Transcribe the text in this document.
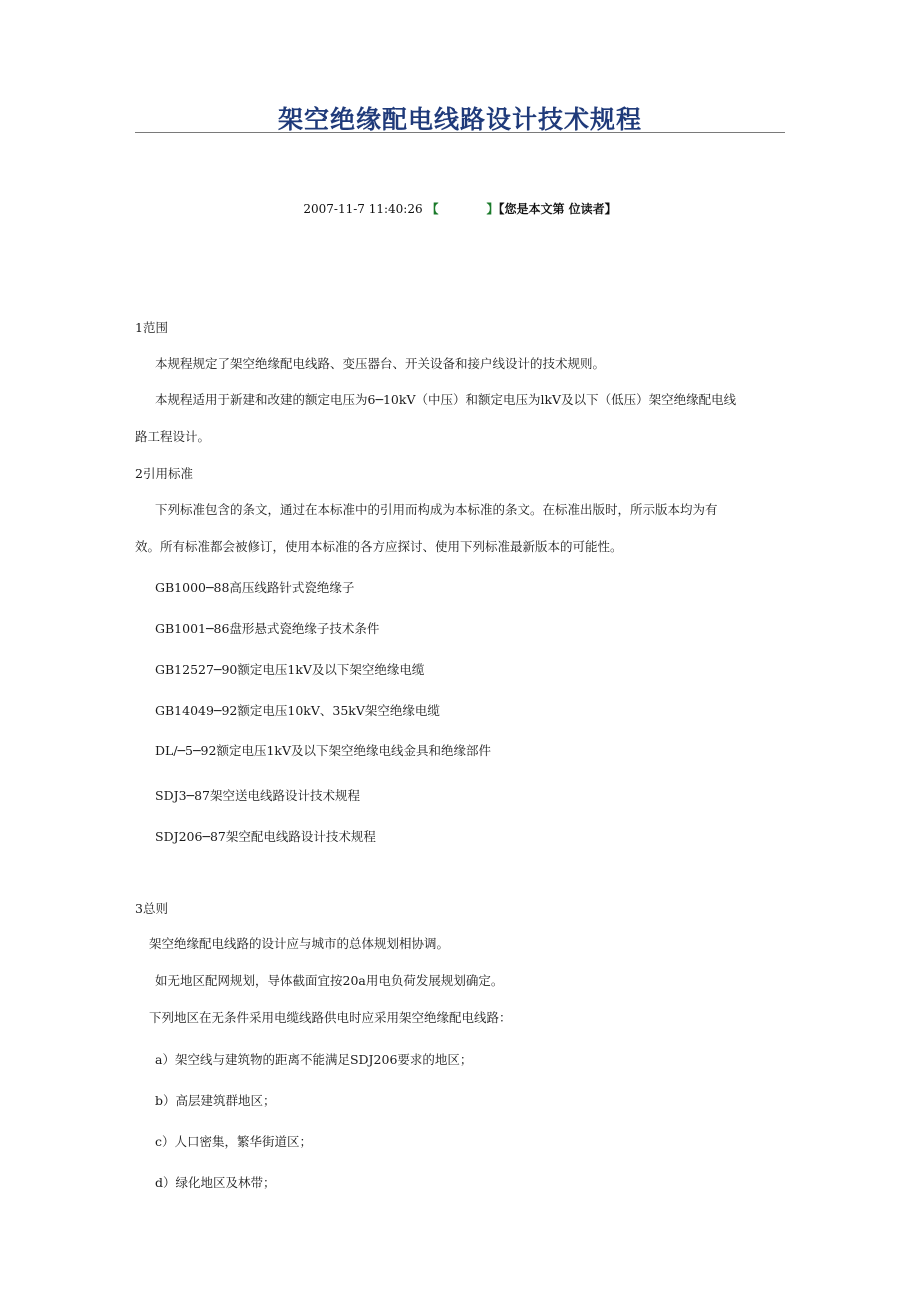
架空绝缘配电线路设计技术规程
2007-11-7 11:40:26 【	】【您是本文第 位读者】
1范围
本规程规定了架空绝缘配电线路、变压器台、开关设备和接户线设计的技术规则。
本规程适用于新建和改建的额定电压为6─10kV（中压）和额定电压为lkV及以下（低压）架空绝缘配电线
路工程设计。
2引用标准
下列标准包含的条文，通过在本标准中的引用而构成为本标准的条文。在标准出版时，所示版本均为有
效。所有标准都会被修订，使用本标准的各方应探讨、使用下列标准最新版本的可能性。
GB1000─88高压线路针式瓷绝缘子
GB1001─86盘形悬式瓷绝缘子技术条件
GB12527─90额定电压1kV及以下架空绝缘电缆
GB14049─92额定电压10kV、35kV架空绝缘电缆
DL/─5─92额定电压1kV及以下架空绝缘电线金具和绝缘部件
SDJ3─87架空送电线路设计技术规程
SDJ206─87架空配电线路设计技术规程
3总则
架空绝缘配电线路的设计应与城市的总体规划相协调。
如无地区配网规划，导体截面宜按20a用电负荷发展规划确定。
下列地区在无条件采用电缆线路供电时应采用架空绝缘配电线路：
a）架空线与建筑物的距离不能满足SDJ206要求的地区；
b）高层建筑群地区；
c）人口密集，繁华街道区；
d）绿化地区及林带；
